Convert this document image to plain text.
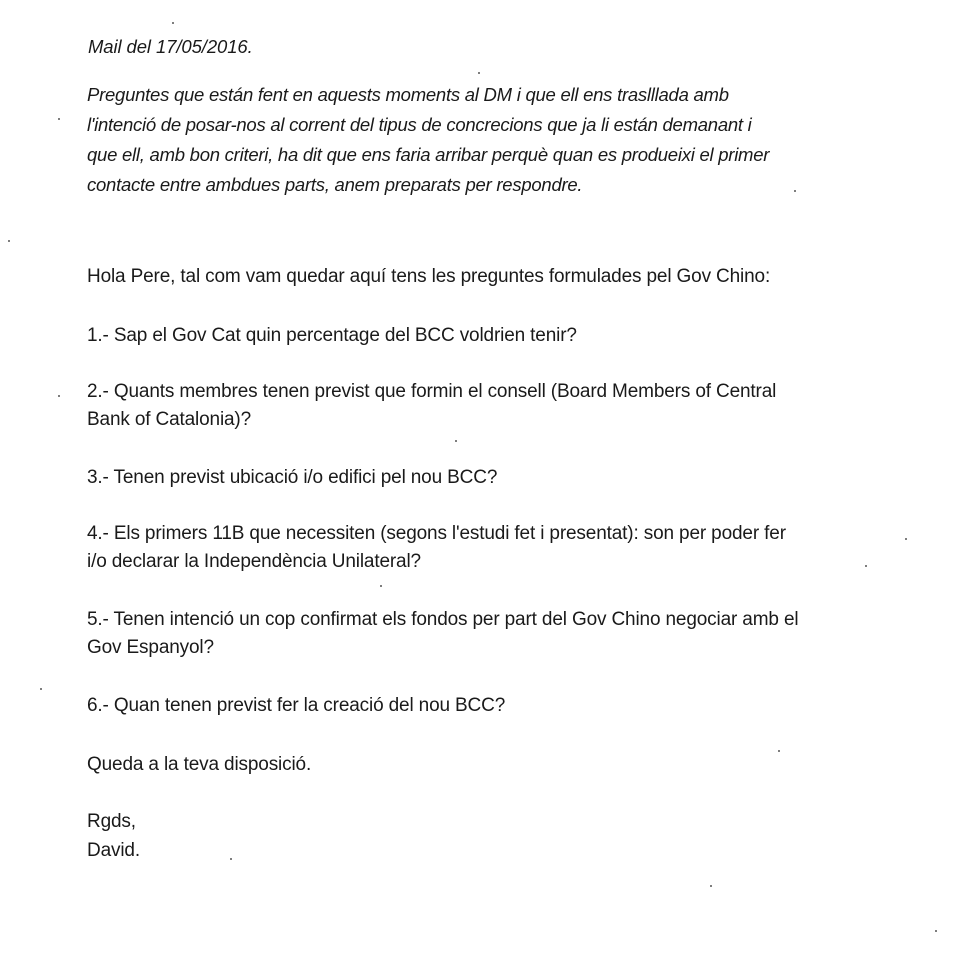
Mail del 17/05/2016.
Preguntes que están fent en aquests moments al DM i que ell ens traslllada amb
l'intenció de posar-nos al corrent del tipus de concrecions que ja li están demanant i
que ell, amb bon criteri, ha dit que ens faria arribar perquè quan es produeixi el primer
contacte entre ambdues parts, anem preparats per respondre.
Hola Pere, tal com vam quedar aquí tens les preguntes formulades pel Gov Chino:
1.- Sap el Gov Cat quin percentage del BCC voldrien tenir?
2.- Quants membres tenen previst que formin el consell (Board Members of Central
Bank of Catalonia)?
3.- Tenen previst ubicació i/o edifici pel nou BCC?
4.- Els primers 11B que necessiten (segons l'estudi fet i presentat): son per poder fer
i/o declarar la Independència Unilateral?
5.- Tenen intenció un cop confirmat els fondos per part del Gov Chino negociar amb el
Gov Espanyol?
6.- Quan tenen previst fer la creació del nou BCC?
Queda a la teva disposició.
Rgds,
David.
